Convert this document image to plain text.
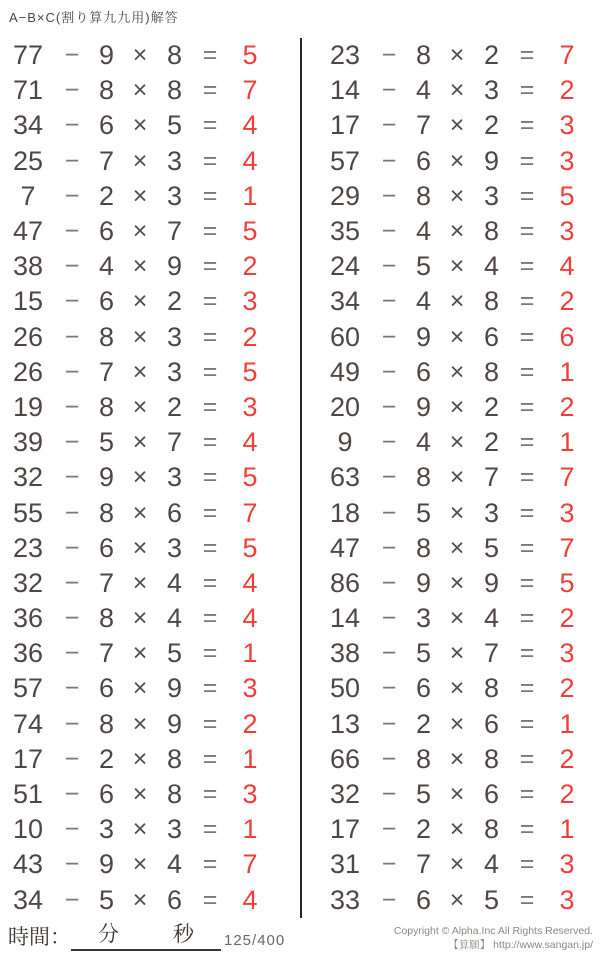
A−B×C(割り算九九用)解答
77 − 9 × 8 = 5
71 − 8 × 8 = 7
34 − 6 × 5 = 4
25 − 7 × 3 = 4
7	− 2 × 3 = 1
47 − 6 × 7 = 5
38 − 4 × 9 = 2
15 − 6 × 2 = 3
26 − 8 × 3 = 2
26 − 7 × 3 = 5
19 − 8 × 2 = 3
39 − 5 × 7 = 4
32 − 9 × 3 = 5
55 − 8 × 6 = 7
23 − 6 × 3 = 5
32 − 7 × 4 = 4
36 − 8 × 4 = 4
36 − 7 × 5 = 1
57 − 6 × 9 = 3
74 − 8 × 9 = 2
17 − 2 × 8 = 1
51 − 6 × 8 = 3
10 − 3 × 3 = 1
43 − 9 × 4 = 7
34 − 5 × 6 = 4
23 − 8 × 2 = 7
14 − 4 × 3 = 2
17 − 7 × 2 = 3
57 − 6 × 9 = 3
29 − 8 × 3 = 5
35 − 4 × 8 = 3
24 − 5 × 4 = 4
34 − 4 × 8 = 2
60 − 9 × 6 = 6
49 − 6 × 8 = 1
20 − 9 × 2 = 2
9	− 4 × 2 = 1
63 − 8 × 7 = 7
18 − 5 × 3 = 3
47 − 8 × 5 = 7
86 − 9 × 9 = 5
14 − 3 × 4 = 2
38 − 5 × 7 = 3
50 − 6 × 8 = 2
13 − 2 × 6 = 1
66 − 8 × 8 = 2
32 − 5 × 6 = 2
17 − 2 × 8 = 1
31 − 7 × 4 = 3
33 − 6 × 5 = 3
時間： 分	秒 125/400
Copyright © Alpha.Inc All Rights Reserved.
【算願】 http://www.sangan.jp/
